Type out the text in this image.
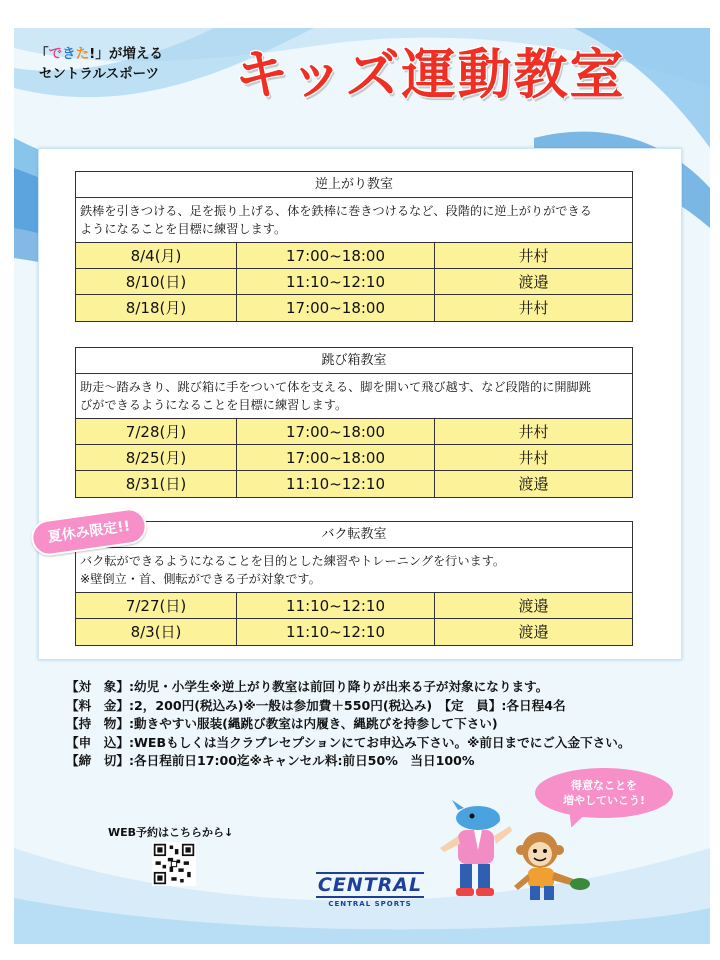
「できた!」が増える
セントラルスポーツ	キッズ運動教室
逆上がり教室
鉄棒を引きつける、足を振り上げる、体を鉄棒に巻きつけるなど、段階的に逆上がりができる
ようになることを目標に練習します。
8/4(月)	17:00~18:00	井村
8/10(日)	11:10~12:10	渡邉
8/18(月)	17:00~18:00	井村
跳び箱教室
助走～踏みきり、跳び箱に手をついて体を支える、脚を開いて飛び越す、など段階的に開脚跳
びができるようになることを目標に練習します。
7/28(月)	17:00~18:00	井村
8/25(月)	17:00~18:00	井村
8/31(日)	11:10~12:10	渡邉
バク転教室
バク転ができるようになることを目的とした練習やトレーニングを行います。
※壁倒立・首、側転ができる子が対象です。
7/27(日)	11:10~12:10	渡邉
8/3(日)	11:10~12:10	渡邉
夏休み限定!!
【対　象】:幼児・小学生※逆上がり教室は前回り降りが出来る子が対象になります。
【料　金】:2，200円(税込み)※一般は参加費＋550円(税込み)　【定　員】:各日程4名
【持　物】:動きやすい服装(縄跳び教室は内履き、縄跳びを持参して下さい)
【申　込】:WEBもしくは当クラブレセプションにてお申込み下さい。※前日までにご入金下さい。
【締　切】:各日程前日17:00迄※キャンセル料:前日50%　当日100%
得意なことを
増やしていこう!
WEB予約はこちらから↓
CENTRAL
CENTRAL SPORTS
